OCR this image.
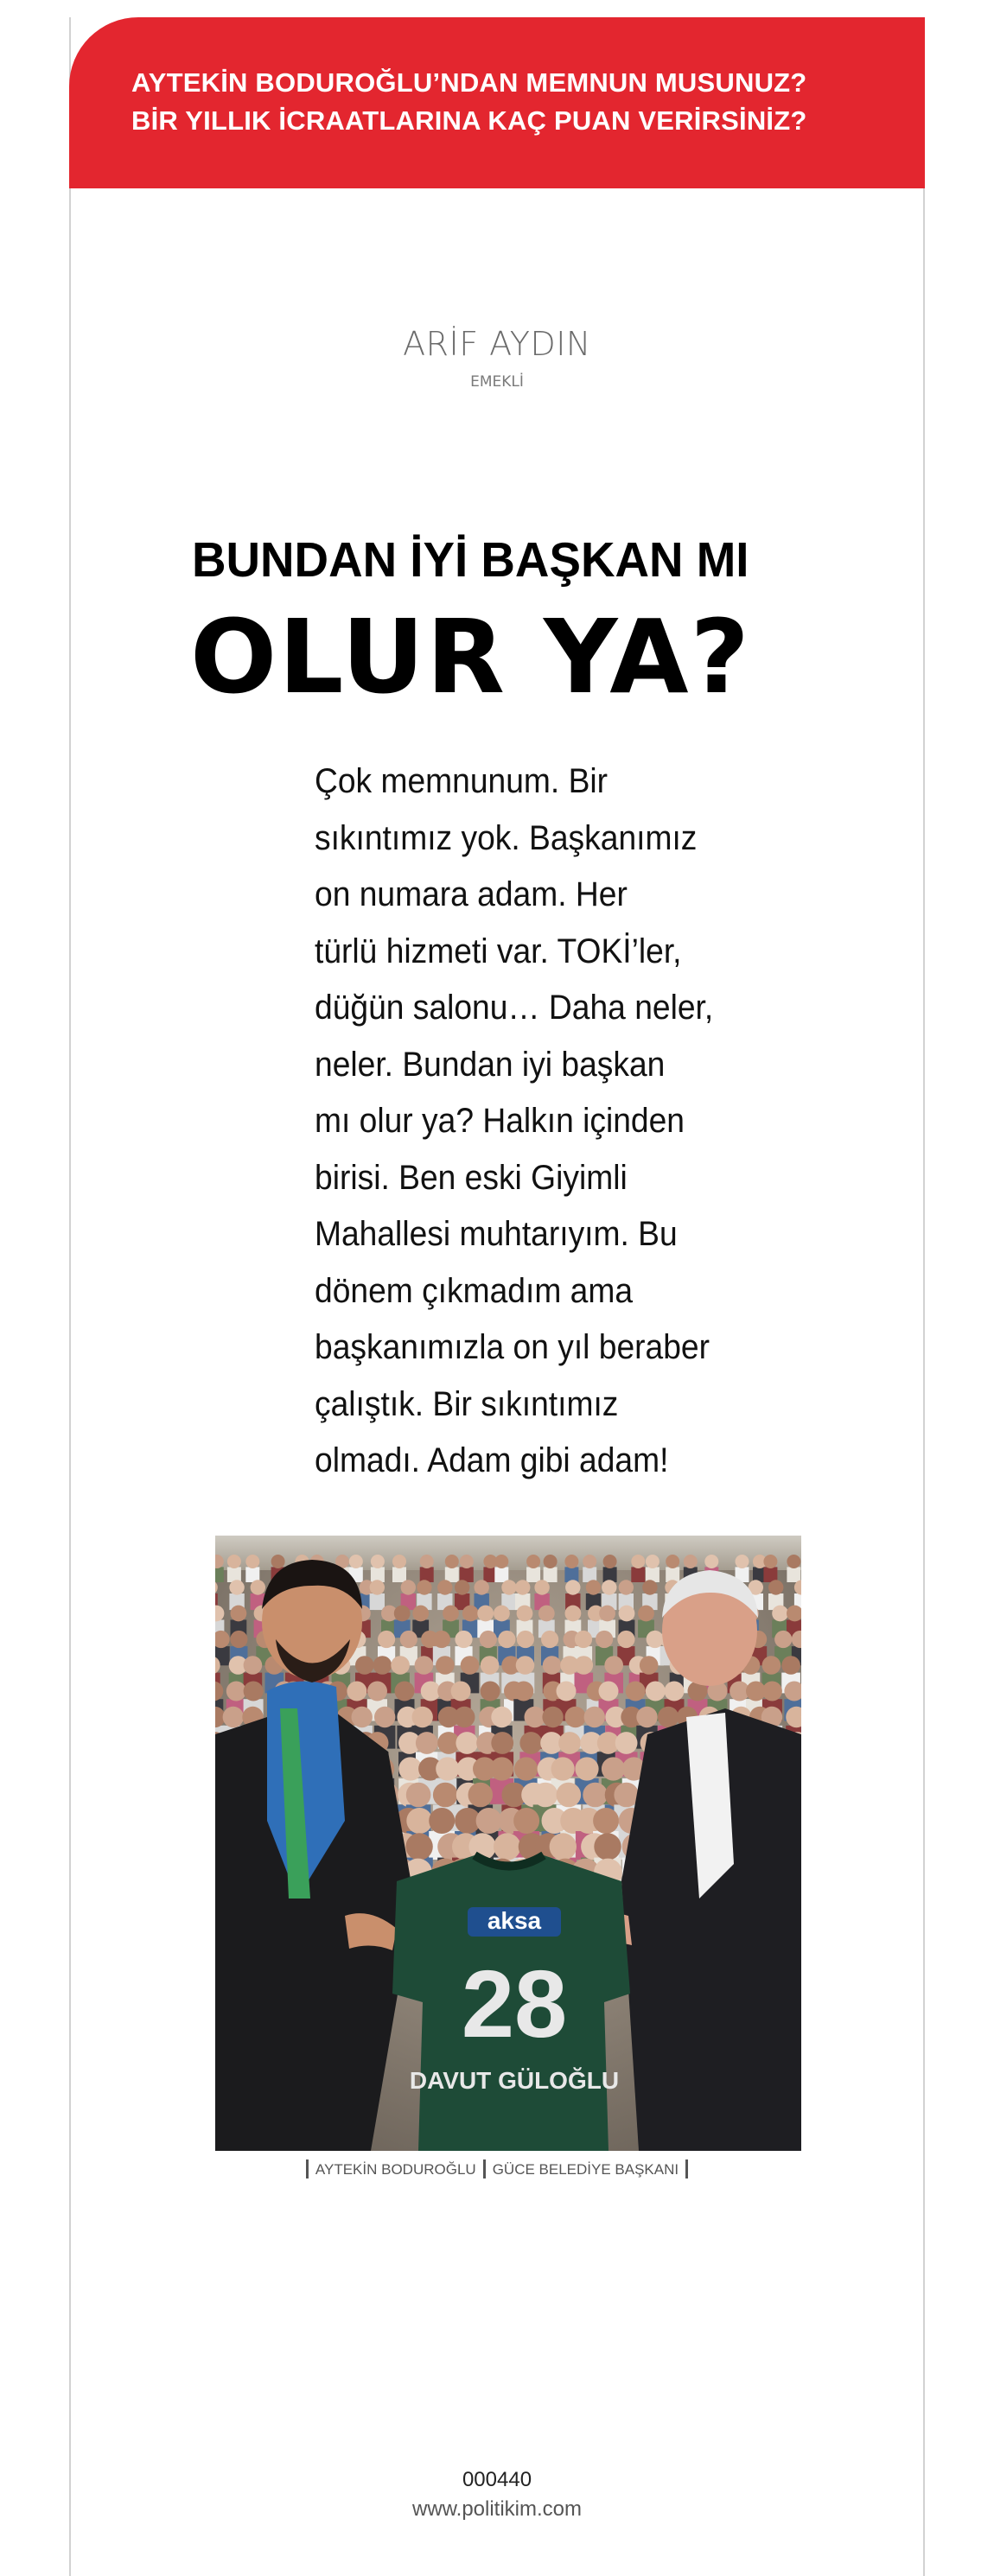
AYTEKİN BODUROĞLU’NDAN MEMNUN MUSUNUZ?
BİR YILLIK İCRAATLARINA KAÇ PUAN VERİRSİNİZ?
ARİF AYDIN
EMEKLİ
BUNDAN İYİ BAŞKAN MI
OLUR YA?
Çok memnunum. Bir
sıkıntımız yok. Başkanımız
on numara adam. Her
türlü hizmeti var. TOKİ’ler,
düğün salonu… Daha neler,
neler. Bundan iyi başkan
mı olur ya? Halkın içinden
birisi. Ben eski Giyimli
Mahallesi muhtarıyım. Bu
dönem çıkmadım ama
başkanımızla on yıl beraber
çalıştık. Bir sıkıntımız
olmadı. Adam gibi adam!
aksa
28
DAVUT GÜLOĞLU
AYTEKİN BODUROĞLU GÜCE BELEDİYE BAŞKANI
000440
www.politikim.com
